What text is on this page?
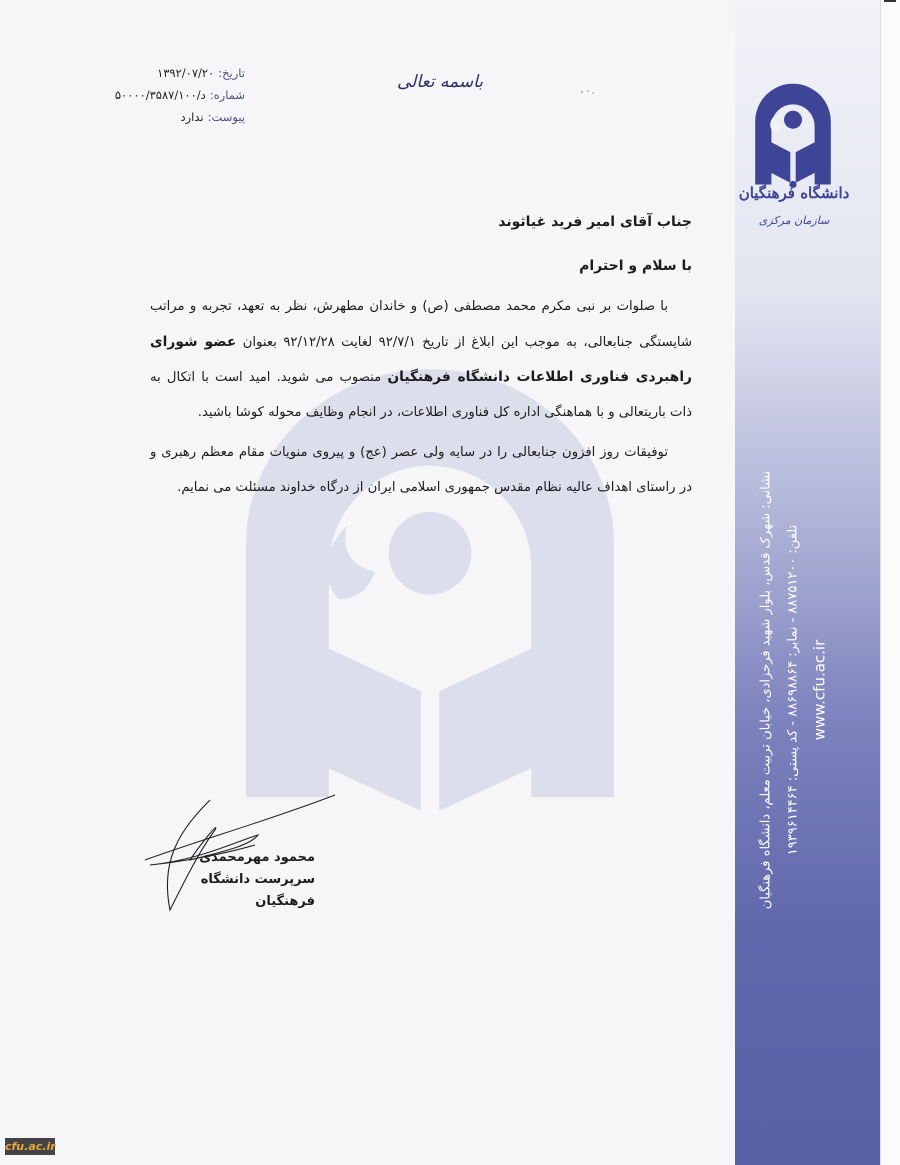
دانشگاه فرهنگیان
سازمان مرکزی
باسمه تعالی
تاریخ:۱۳۹۲/۰۷/۲۰
شماره:د/۵۰۰۰۰/۳۵۸۷/۱۰۰
پیوست:ندارد
جناب آقای امیر فرید غیاثوند
با سلام و احترام
با صلوات بر نبی مکرم محمد مصطفی (ص) و خاندان مطهرش، نظر به تعهد، تجربه و مراتب شایستگی جنابعالی، به موجب این ابلاغ از تاریخ ۹۲/۷/۱ لغایت ۹۲/۱۲/۲۸ بعنوان عضو شورای راهبردی فناوری اطلاعات دانشگاه فرهنگیان منصوب می شوید. امید است با اتکال به ذات باریتعالی و با هماهنگی اداره کل فناوری اطلاعات، در انجام وظایف محوله کوشا باشید.
توفیقات روز افزون جنابعالی را در سایه ولی عصر (عج) و پیروی منویات مقام معظم رهبری و در راستای اهداف عالیه نظام مقدس جمهوری اسلامی ایران از درگاه خداوند مسئلت می نمایم.
محمود مهرمحمدی
سرپرست دانشگاه فرهنگیان	نشانی: شهرک قدس، بلوار شهید فرحزادی، خیابان تربیت معلم، دانشگاه فرهنگیان تلفن: ۸۸۷۵۱۲۰۰ - نمابر: ۸۸۶۹۸۸۶۴ - کد پستی: ۱۹۳۹۶۱۴۴۶۴
www.cfu.ac.ir
cfu.ac.ir
